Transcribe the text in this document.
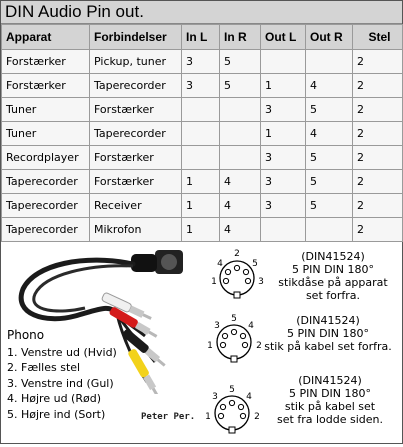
DIN Audio Pin out.
Apparat	Forbindelser	In L	In R	Out L	Out R	Stel
Forstærker	Pickup, tuner	3	5			2
Forstærker	Taperecorder	3	5	1	4	2
Tuner	Forstærker			3	5	2
Tuner	Taperecorder			1	4	2
Recordplayer	Forstærker			3	5	2
Taperecorder	Forstærker	1	4	3	5	2
Taperecorder	Receiver	1	4	3	5	2
Taperecorder	Mikrofon	1	4			2
Phono
1. Venstre ud (Hvid)
2. Fælles stel
3. Venstre ind (Gul)
4. Højre ud (Rød)
5. Højre ind (Sort)	Peter Per.
2
4	5
1	3
(DIN41524)
5 PIN DIN 180°
stikdåse på apparat
set forfra.
3
5
4
1	2
(DIN41524)
5 PIN DIN 180°
stik på kabel set forfra.
3
5
4
1	2
(DIN41524)
5 PIN DIN 180°
stik på kabel set
set fra lodde siden.
